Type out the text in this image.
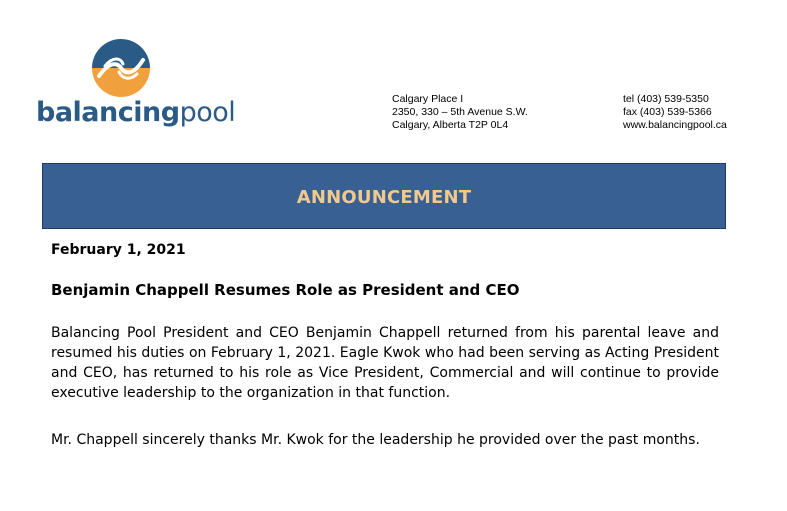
balancingpool	Calgary Place I
2350, 330 – 5th Avenue S.W.
Calgary, Alberta T2P 0L4
tel (403) 539-5350
fax (403) 539-5366
www.balancingpool.ca
ANNOUNCEMENT
February 1, 2021
Benjamin Chappell Resumes Role as President and CEO
Balancing Pool President and CEO Benjamin Chappell returned from his parental leave and resumed his duties on February 1, 2021. Eagle Kwok who had been serving as Acting President and CEO, has returned to his role as Vice President, Commercial and will continue to provide executive leadership to the organization in that function.
Mr. Chappell sincerely thanks Mr. Kwok for the leadership he provided over the past months.
